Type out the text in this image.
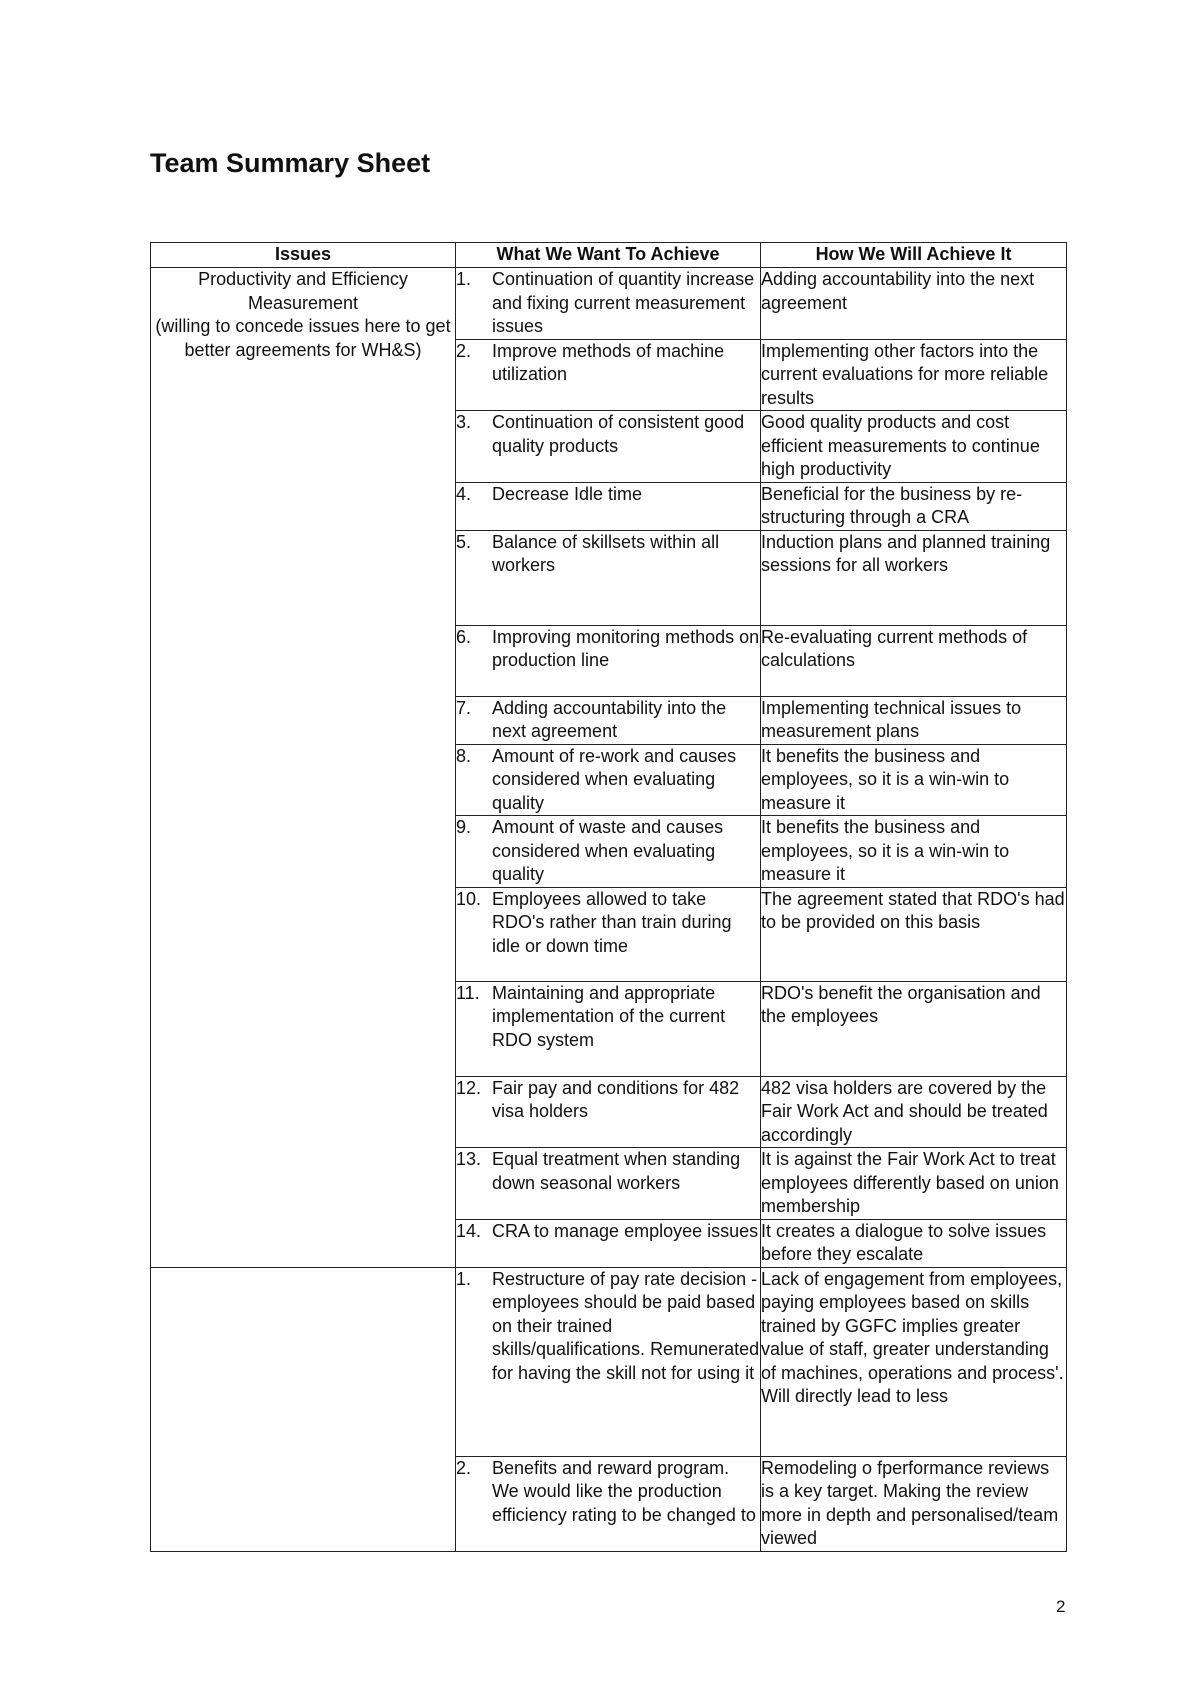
Team Summary Sheet
Issues	What We Want To Achieve	How We Will Achieve It

Productivity and Efficiency Measurement
(willing to concede issues here to get better agreements for WH&S)	1. Continuation of quantity increase and fixing current measurement issues	Adding accountability into the next agreement

	2. Improve methods of machine utilization	Implementing other factors into the current evaluations for more reliable results

	3. Continuation of consistent good quality products	Good quality products and cost efficient measurements to continue high productivity

	4. Decrease Idle time	Beneficial for the business by re-structuring through a CRA

	5. Balance of skillsets within all workers	Induction plans and planned training sessions for all workers

	6. Improving monitoring methods on production line	Re-evaluating current methods of calculations

	7. Adding accountability into the next agreement	Implementing technical issues to measurement plans

	8. Amount of re-work and causes considered when evaluating quality	It benefits the business and employees, so it is a win-win to measure it

	9. Amount of waste and causes considered when evaluating quality	It benefits the business and employees, so it is a win-win to measure it

	10. Employees allowed to take RDO's rather than train during idle or down time	The agreement stated that RDO's had to be provided on this basis

	11. Maintaining and appropriate implementation of the current RDO system	RDO's benefit the organisation and the employees

	12. Fair pay and conditions for 482 visa holders	482 visa holders are covered by the Fair Work Act and should be treated accordingly

	13. Equal treatment when standing down seasonal workers	It is against the Fair Work Act to treat employees differently based on union membership

	14. CRA to manage employee issues	It creates a dialogue to solve issues before they escalate

	1. Restructure of pay rate decision - employees should be paid based on their trained skills/qualifications. Remunerated for having the skill not for using it	Lack of engagement from employees, paying employees based on skills trained by GGFC implies greater value of staff, greater understanding of machines, operations and process'. Will directly lead to less

	2. Benefits and reward program. We would like the production efficiency rating to be changed to	Remodeling o fperformance reviews is a key target. Making the review more in depth and personalised/team viewed
2
